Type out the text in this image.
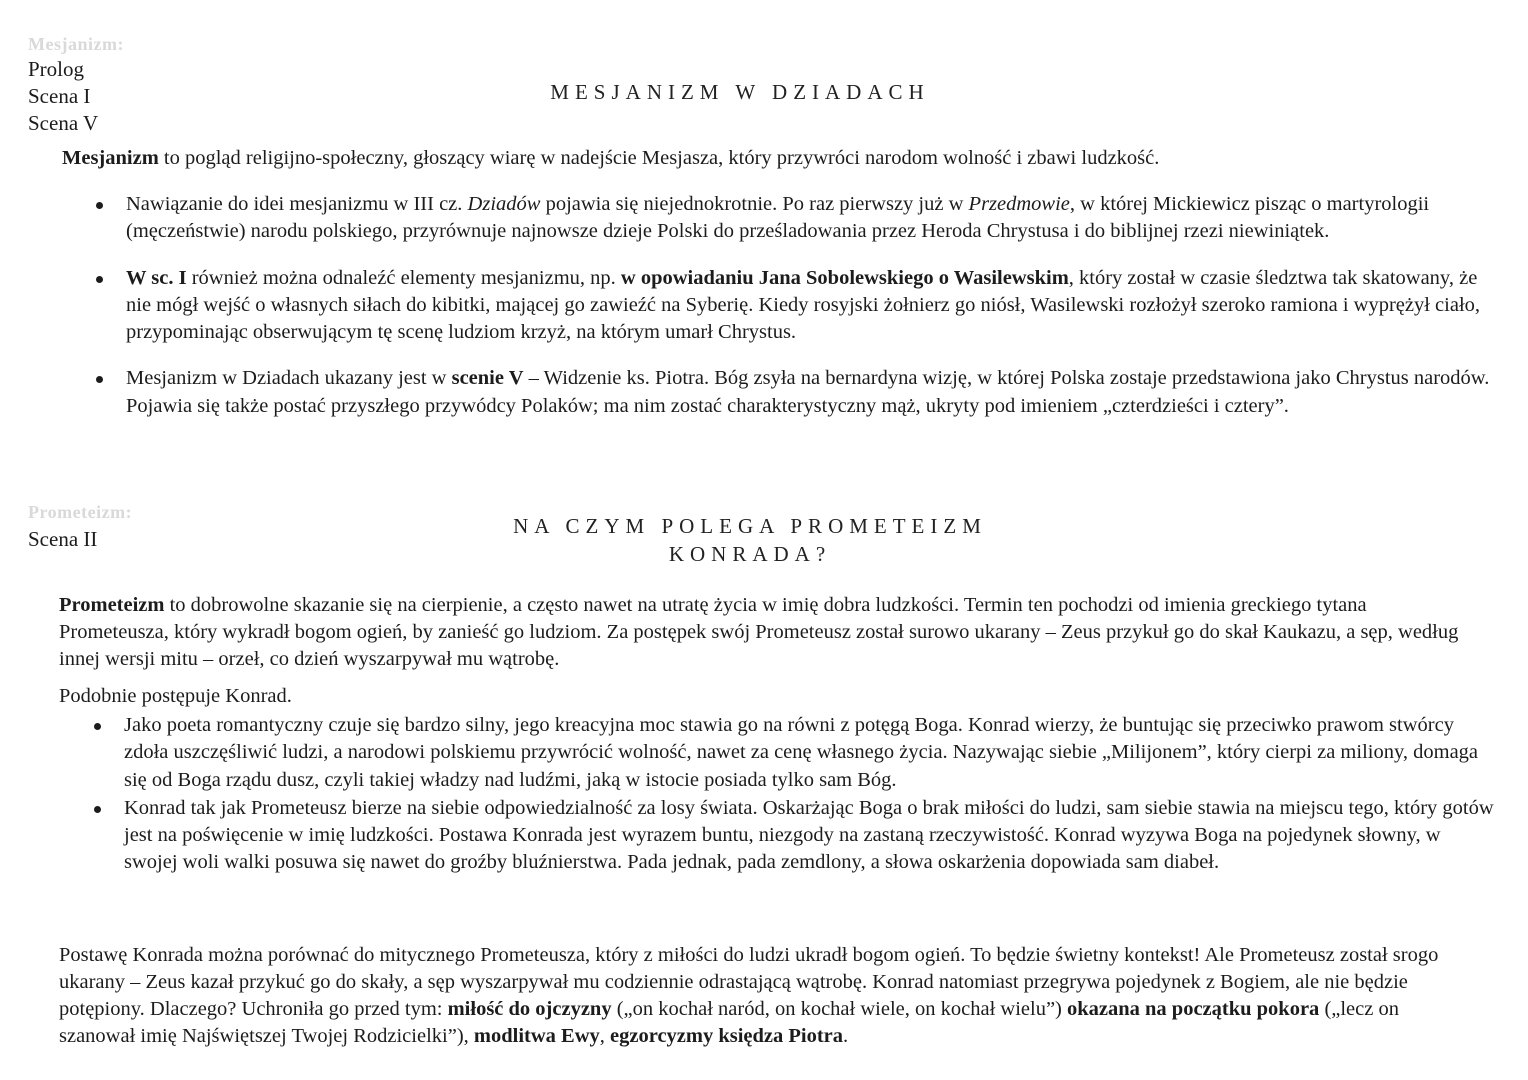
Mesjanizm:
Prolog
Scena I
Scena V
MESJANIZM W DZIADACH
Mesjanizm to pogląd religijno-społeczny, głoszący wiarę w nadejście Mesjasza, który przywróci narodom wolność i zbawi ludzkość.
Nawiązanie do idei mesjanizmu w III cz. Dziadów pojawia się niejednokrotnie. Po raz pierwszy już w Przedmowie, w której Mickiewicz pisząc o martyrologii (męczeństwie) narodu polskiego, przyrównuje najnowsze dzieje Polski do prześladowania przez Heroda Chrystusa i do biblijnej rzezi niewiniątek.
W sc. I również można odnaleźć elementy mesjanizmu, np. w opowiadaniu Jana Sobolewskiego o Wasilewskim, który został w czasie śledztwa tak skatowany, że nie mógł wejść o własnych siłach do kibitki, mającej go zawieźć na Syberię. Kiedy rosyjski żołnierz go niósł, Wasilewski rozłożył szeroko ramiona i wyprężył ciało, przypominając obserwującym tę scenę ludziom krzyż, na którym umarł Chrystus.
Mesjanizm w Dziadach ukazany jest w scenie V – Widzenie ks. Piotra. Bóg zsyła na bernardyna wizję, w której Polska zostaje przedstawiona jako Chrystus narodów. Pojawia się także postać przyszłego przywódcy Polaków; ma nim zostać charakterystyczny mąż, ukryty pod imieniem „czterdzieści i cztery”.
Prometeizm:
Scena II
NA CZYM POLEGA PROMETEIZM
KONRADA?
Prometeizm to dobrowolne skazanie się na cierpienie, a często nawet na utratę życia w imię dobra ludzkości. Termin ten pochodzi od imienia greckiego tytana Prometeusza, który wykradł bogom ogień, by zanieść go ludziom. Za postępek swój Prometeusz został surowo ukarany – Zeus przykuł go do skał Kaukazu, a sęp, według innej wersji mitu – orzeł, co dzień wyszarpywał mu wątrobę.
Podobnie postępuje Konrad.
Jako poeta romantyczny czuje się bardzo silny, jego kreacyjna moc stawia go na równi z potęgą Boga. Konrad wierzy, że buntując się przeciwko prawom stwórcy zdoła uszczęśliwić ludzi, a narodowi polskiemu przywrócić wolność, nawet za cenę własnego życia. Nazywając siebie „Milijonem”, który cierpi za miliony, domaga się od Boga rządu dusz, czyli takiej władzy nad ludźmi, jaką w istocie posiada tylko sam Bóg.
Konrad tak jak Prometeusz bierze na siebie odpowiedzialność za losy świata. Oskarżając Boga o brak miłości do ludzi, sam siebie stawia na miejscu tego, który gotów jest na poświęcenie w imię ludzkości. Postawa Konrada jest wyrazem buntu, niezgody na zastaną rzeczywistość. Konrad wyzywa Boga na pojedynek słowny, w swojej woli walki posuwa się nawet do groźby bluźnierstwa. Pada jednak, pada zemdlony, a słowa oskarżenia dopowiada sam diabeł.
Postawę Konrada można porównać do mitycznego Prometeusza, który z miłości do ludzi ukradł bogom ogień. To będzie świetny kontekst! Ale Prometeusz został srogo ukarany – Zeus kazał przykuć go do skały, a sęp wyszarpywał mu codziennie odrastającą wątrobę. Konrad natomiast przegrywa pojedynek z Bogiem, ale nie będzie potępiony. Dlaczego? Uchroniła go przed tym: miłość do ojczyzny („on kochał naród, on kochał wiele, on kochał wielu”) okazana na początku pokora („lecz on szanował imię Najświętszej Twojej Rodzicielki”), modlitwa Ewy, egzorcyzmy księdza Piotra.
